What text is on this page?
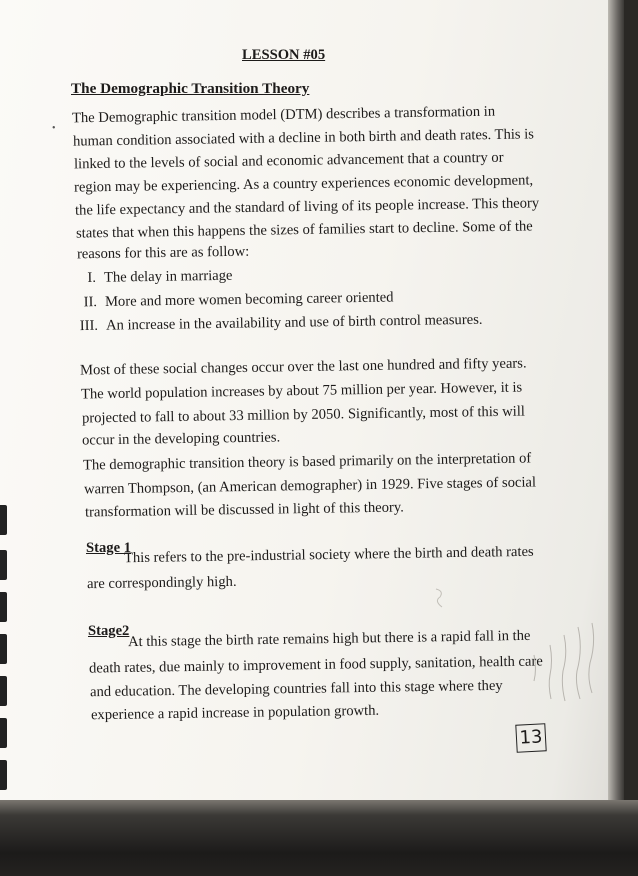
LESSON #05
The Demographic Transition Theory
•
The Demographic transition model (DTM) describes a transformation in
human condition associated with a decline in both birth and death rates. This is
linked to the levels of social and economic advancement that a country or
region may be experiencing. As a country experiences economic development,
the life expectancy and the standard of living of its people increase. This theory
states that when this happens the sizes of families start to decline. Some of the
reasons for this are as follow:
I. The delay in marriage
II. More and more women becoming career oriented
III. An increase in the availability and use of birth control measures.
Most of these social changes occur over the last one hundred and fifty years.
The world population increases by about 75 million per year. However, it is
projected to fall to about 33 million by 2050. Significantly, most of this will
occur in the developing countries.
The demographic transition theory is based primarily on the interpretation of
warren Thompson, (an American demographer) in 1929. Five stages of social
transformation will be discussed in light of this theory.
Stage 1
This refers to the pre-industrial society where the birth and death rates
are correspondingly high.
Stage2
At this stage the birth rate remains high but there is a rapid fall in the
death rates, due mainly to improvement in food supply, sanitation, health care
and education. The developing countries fall into this stage where they
experience a rapid increase in population growth.
13
